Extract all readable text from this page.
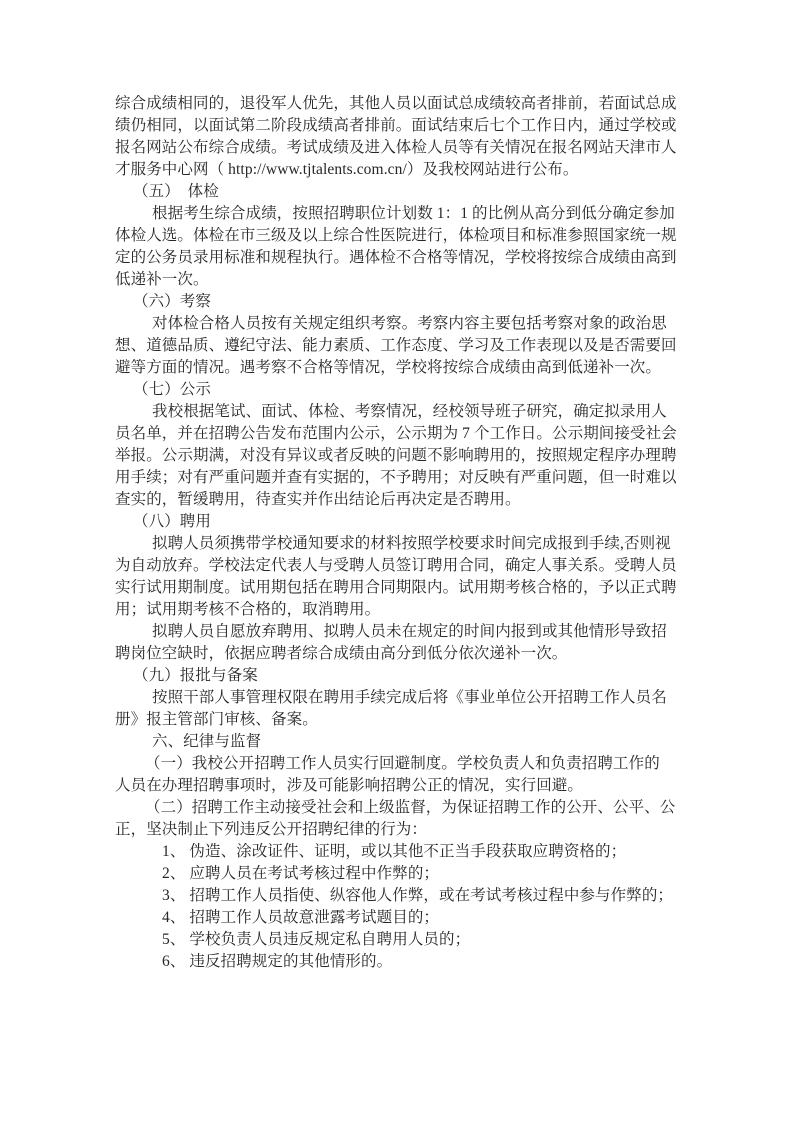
综合成绩相同的，退役军人优先，其他人员以面试总成绩较高者排前，若面试总成
绩仍相同，以面试第二阶段成绩高者排前。面试结束后七个工作日内，通过学校或
报名网站公布综合成绩。考试成绩及进入体检人员等有关情况在报名网站天津市人
才服务中心网（ http://www.tjtalents.com.cn/）及我校网站进行公布。
（五）　体检
根据考生综合成绩，按照招聘职位计划数 1：1 的比例从高分到低分确定参加
体检人选。体检在市三级及以上综合性医院进行，体检项目和标准参照国家统一规
定的公务员录用标准和规程执行。遇体检不合格等情况，学校将按综合成绩由高到
低递补一次。
（六）考察
对体检合格人员按有关规定组织考察。考察内容主要包括考察对象的政治思
想、道德品质、遵纪守法、能力素质、工作态度、学习及工作表现以及是否需要回
避等方面的情况。遇考察不合格等情况，学校将按综合成绩由高到低递补一次。
（七）公示
我校根据笔试、面试、体检、考察情况，经校领导班子研究，确定拟录用人
员名单，并在招聘公告发布范围内公示，公示期为 7 个工作日。公示期间接受社会
举报。公示期满，对没有异议或者反映的问题不影响聘用的，按照规定程序办理聘
用手续；对有严重问题并查有实据的，不予聘用；对反映有严重问题，但一时难以
查实的，暂缓聘用，待查实并作出结论后再决定是否聘用。
（八）聘用
拟聘人员须携带学校通知要求的材料按照学校要求时间完成报到手续,否则视
为自动放弃。学校法定代表人与受聘人员签订聘用合同，确定人事关系。受聘人员
实行试用期制度。试用期包括在聘用合同期限内。试用期考核合格的，予以正式聘
用；试用期考核不合格的，取消聘用。
拟聘人员自愿放弃聘用、拟聘人员未在规定的时间内报到或其他情形导致招
聘岗位空缺时，依据应聘者综合成绩由高分到低分依次递补一次。
（九）报批与备案
按照干部人事管理权限在聘用手续完成后将《事业单位公开招聘工作人员名
册》报主管部门审核、备案。
六、纪律与监督
（一）我校公开招聘工作人员实行回避制度。学校负责人和负责招聘工作的
人员在办理招聘事项时，涉及可能影响招聘公正的情况，实行回避。
（二）招聘工作主动接受社会和上级监督，为保证招聘工作的公开、公平、公
正，坚决制止下列违反公开招聘纪律的行为：
1、 伪造、涂改证件、证明，或以其他不正当手段获取应聘资格的；
2、 应聘人员在考试考核过程中作弊的；
3、 招聘工作人员指使、纵容他人作弊，或在考试考核过程中参与作弊的；
4、 招聘工作人员故意泄露考试题目的；
5、 学校负责人员违反规定私自聘用人员的；
6、 违反招聘规定的其他情形的。
